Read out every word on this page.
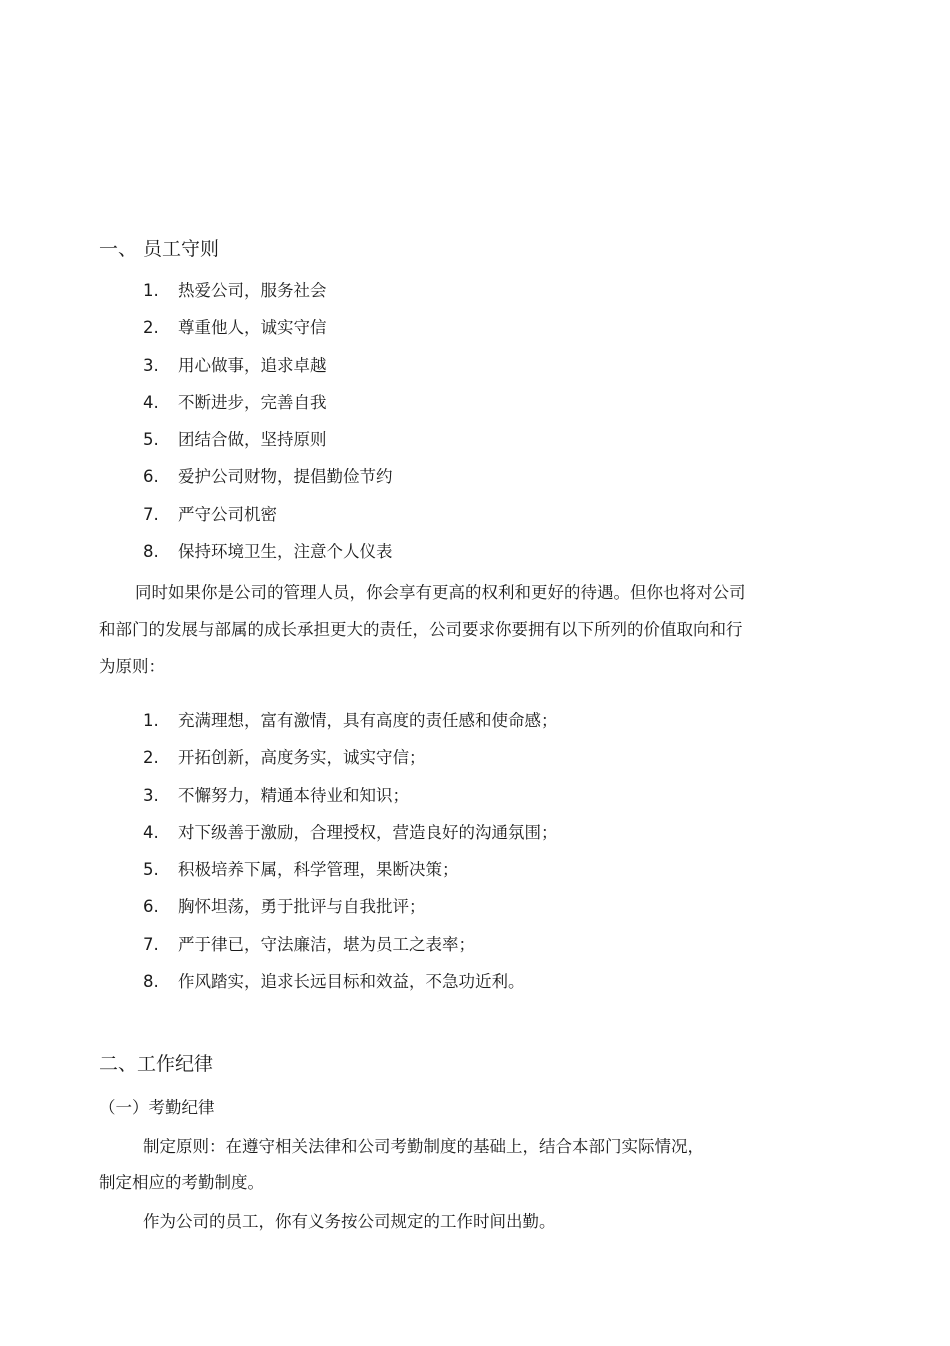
一、 员工守则
1.	热爱公司，服务社会
2.	尊重他人，诚实守信
3.	用心做事，追求卓越
4.	不断进步，完善自我
5.	团结合做，坚持原则
6.	爱护公司财物，提倡勤俭节约
7.	严守公司机密
8.	保持环境卫生，注意个人仪表
同时如果你是公司的管理人员，你会享有更高的权利和更好的待遇。但你也将对公司
和部门的发展与部属的成长承担更大的责任，公司要求你要拥有以下所列的价值取向和行
为原则：
1.	充满理想，富有激情，具有高度的责任感和使命感；
2.	开拓创新，高度务实，诚实守信；
3.	不懈努力，精通本待业和知识；
4.	对下级善于激励，合理授权，营造良好的沟通氛围；
5.	积极培养下属，科学管理，果断决策；
6.	胸怀坦荡，勇于批评与自我批评；
7.	严于律已，守法廉洁，堪为员工之表率；
8.	作风踏实，追求长远目标和效益，不急功近利。
二、工作纪律
（一）考勤纪律
制定原则：在遵守相关法律和公司考勤制度的基础上，结合本部门实际情况，
制定相应的考勤制度。
作为公司的员工，你有义务按公司规定的工作时间出勤。
